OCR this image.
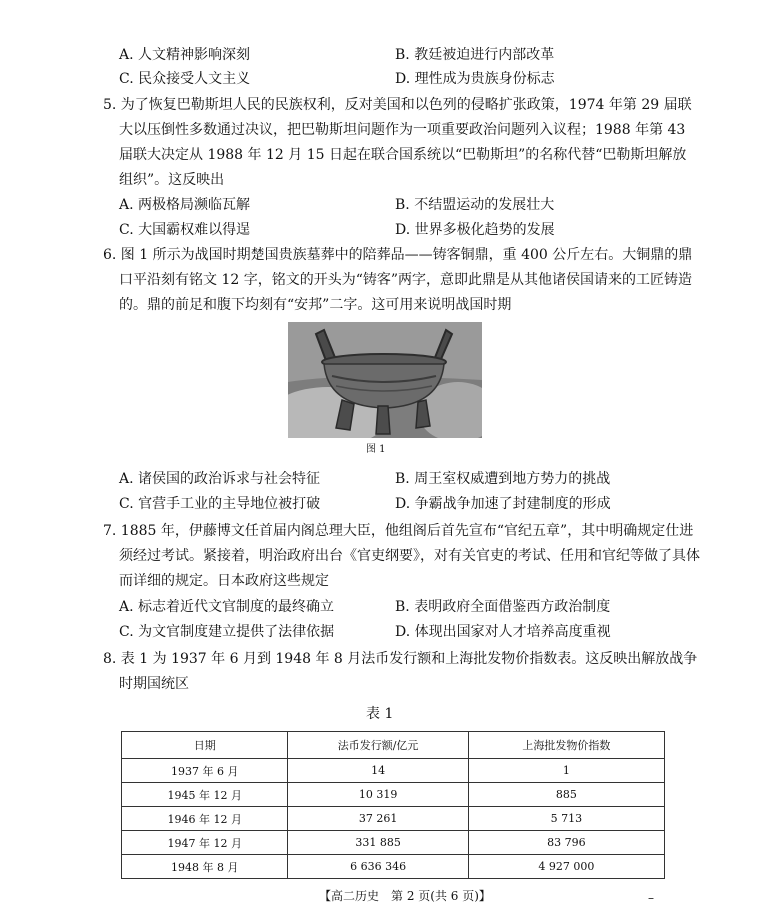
A. 人文精神影响深刻	B. 教廷被迫进行内部改革
C. 民众接受人文主义	D. 理性成为贵族身份标志
5. 为了恢复巴勒斯坦人民的民族权利，反对美国和以色列的侵略扩张政策，1974 年第 29 届联
大以压倒性多数通过决议，把巴勒斯坦问题作为一项重要政治问题列入议程；1988 年第 43
届联大决定从 1988 年 12 月 15 日起在联合国系统以“巴勒斯坦”的名称代替“巴勒斯坦解放
组织”。这反映出
A. 两极格局濒临瓦解	B. 不结盟运动的发展壮大
C. 大国霸权难以得逞	D. 世界多极化趋势的发展
6. 图 1 所示为战国时期楚国贵族墓葬中的陪葬品——铸客铜鼎，重 400 公斤左右。大铜鼎的鼎
口平沿刻有铭文 12 字，铭文的开头为“铸客”两字，意即此鼎是从其他诸侯国请来的工匠铸造
的。鼎的前足和腹下均刻有“安邦”二字。这可用来说明战国时期
图 1
A. 诸侯国的政治诉求与社会特征	B. 周王室权威遭到地方势力的挑战
C. 官营手工业的主导地位被打破	D. 争霸战争加速了封建制度的形成
7. 1885 年，伊藤博文任首届内阁总理大臣，他组阁后首先宣布“官纪五章”，其中明确规定仕进
须经过考试。紧接着，明治政府出台《官吏纲要》，对有关官吏的考试、任用和官纪等做了具体
而详细的规定。日本政府这些规定
A. 标志着近代文官制度的最终确立	B. 表明政府全面借鉴西方政治制度
C. 为文官制度建立提供了法律依据	D. 体现出国家对人才培养高度重视
8. 表 1 为 1937 年 6 月到 1948 年 8 月法币发行额和上海批发物价指数表。这反映出解放战争
时期国统区
表 1
日期	法币发行额/亿元	上海批发物价指数
1937 年 6 月	14	1
1945 年 12 月	10 319	885
1946 年 12 月	37 261	5 713
1947 年 12 月	331 885	83 796
1948 年 8 月	6 636 346	4 927 000
【高二历史　第 2 页(共 6 页)】	–
